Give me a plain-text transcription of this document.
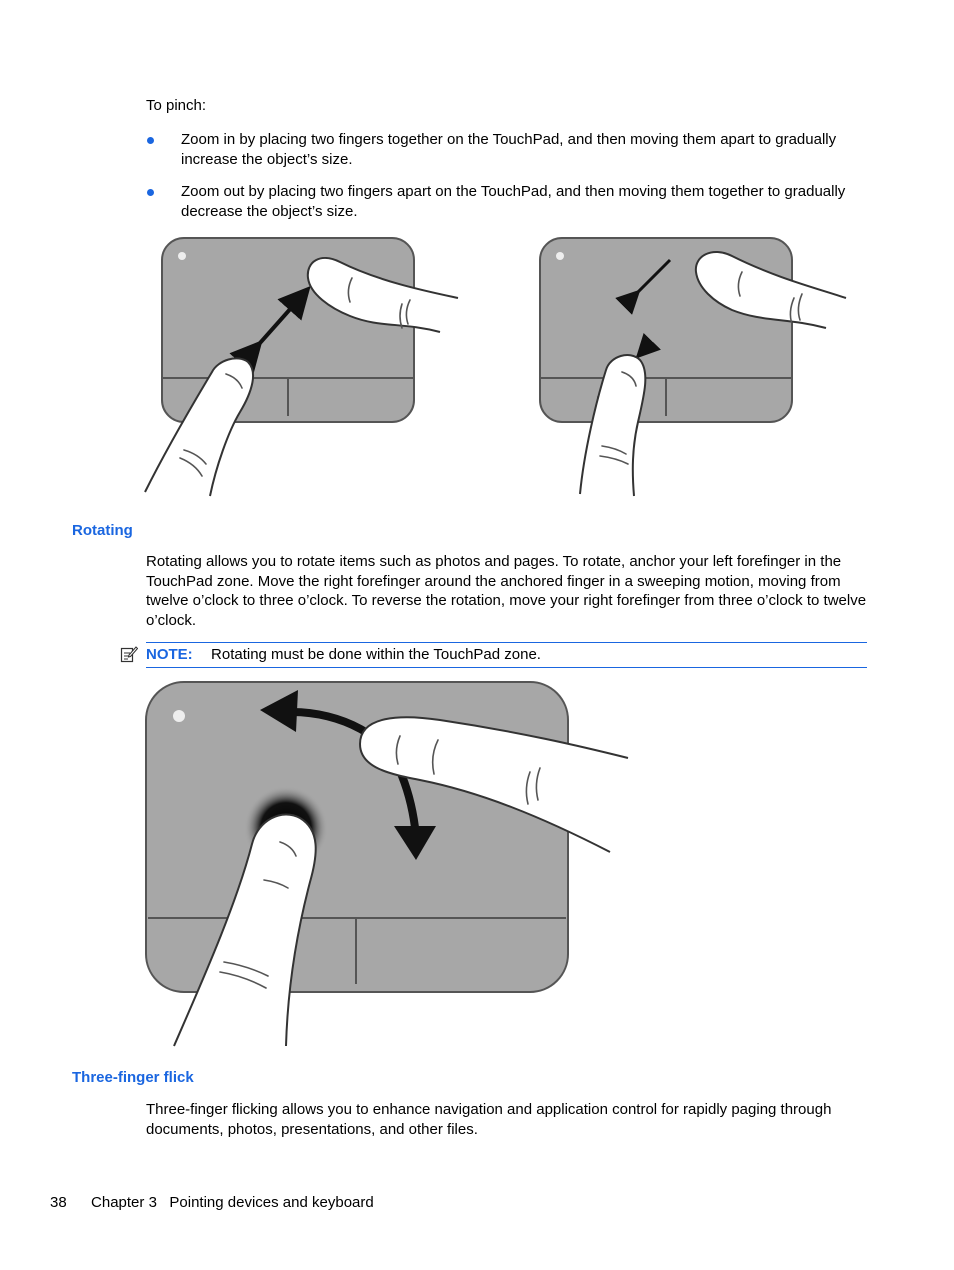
To pinch:
Zoom in by placing two fingers together on the TouchPad, and then moving them apart to gradually increase the object’s size.
Zoom out by placing two fingers apart on the TouchPad, and then moving them together to gradually decrease the object’s size.
Rotating
Rotating allows you to rotate items such as photos and pages. To rotate, anchor your left forefinger in the TouchPad zone. Move the right forefinger around the anchored finger in a sweeping motion, moving from twelve o’clock to three o’clock. To reverse the rotation, move your right forefinger from three o’clock to twelve o’clock.
NOTE: Rotating must be done within the TouchPad zone.
Three-finger flick
Three-finger flicking allows you to enhance navigation and application control for rapidly paging through documents, photos, presentations, and other files.
38 Chapter 3   Pointing devices and keyboard
